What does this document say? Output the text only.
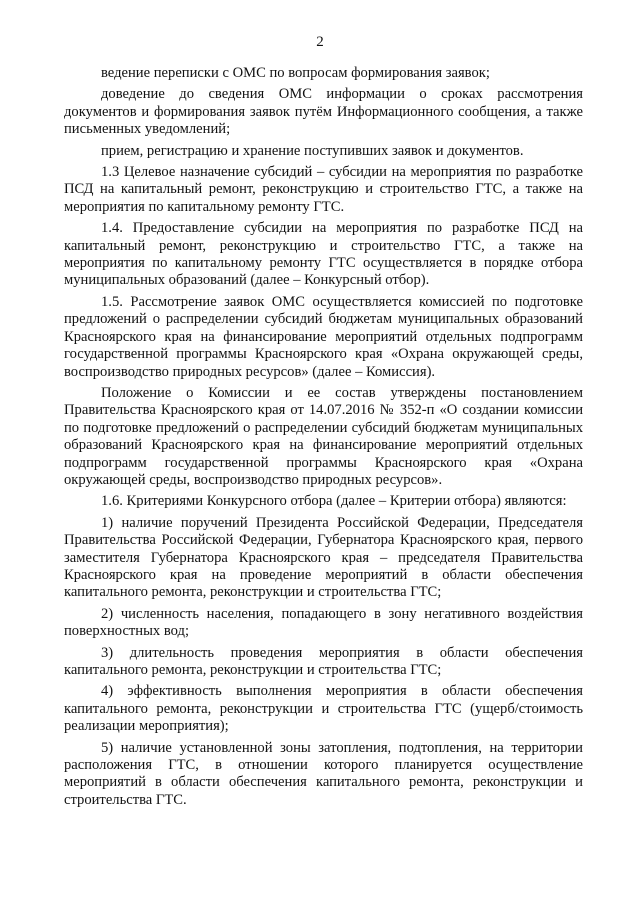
2

ведение переписки с ОМС по вопросам формирования заявок;

доведение до сведения ОМС информации о сроках рассмотрения документов и формирования заявок путём Информационного сообщения, а также письменных уведомлений;

прием, регистрацию и хранение поступивших заявок и документов.

1.3 Целевое назначение субсидий – субсидии на мероприятия по разработке ПСД на капитальный ремонт, реконструкцию и строительство ГТС, а также на мероприятия по капитальному ремонту ГТС.

1.4. Предоставление субсидии на мероприятия по разработке ПСД на капитальный ремонт, реконструкцию и строительство ГТС, а также на мероприятия по капитальному ремонту ГТС осуществляется в порядке отбора муниципальных образований (далее – Конкурсный отбор).

1.5. Рассмотрение заявок ОМС осуществляется комиссией по подготовке предложений о распределении субсидий бюджетам муниципальных образований Красноярского края на финансирование мероприятий отдельных подпрограмм государственной программы Красноярского края «Охрана окружающей среды, воспроизводство природных ресурсов» (далее – Комиссия).

Положение о Комиссии и ее состав утверждены постановлением Правительства Красноярского края от 14.07.2016 № 352-п «О создании комиссии по подготовке предложений о распределении субсидий бюджетам муниципальных образований Красноярского края на финансирование мероприятий отдельных подпрограмм государственной программы Красноярского края «Охрана окружающей среды, воспроизводство природных ресурсов».

1.6. Критериями Конкурсного отбора (далее – Критерии отбора) являются:

1) наличие поручений Президента Российской Федерации, Председателя Правительства Российской Федерации, Губернатора Красноярского края, первого заместителя Губернатора Красноярского края – председателя Правительства Красноярского края на проведение мероприятий в области обеспечения капитального ремонта, реконструкции и строительства ГТС;

2) численность населения, попадающего в зону негативного воздействия поверхностных вод;

3) длительность проведения мероприятия в области обеспечения капитального ремонта, реконструкции и строительства ГТС;

4) эффективность выполнения мероприятия в области обеспечения капитального ремонта, реконструкции и строительства ГТС (ущерб/стоимость реализации мероприятия);

5) наличие установленной зоны затопления, подтопления, на территории расположения ГТС, в отношении которого планируется осуществление мероприятий в области обеспечения капитального ремонта, реконструкции и строительства ГТС.
